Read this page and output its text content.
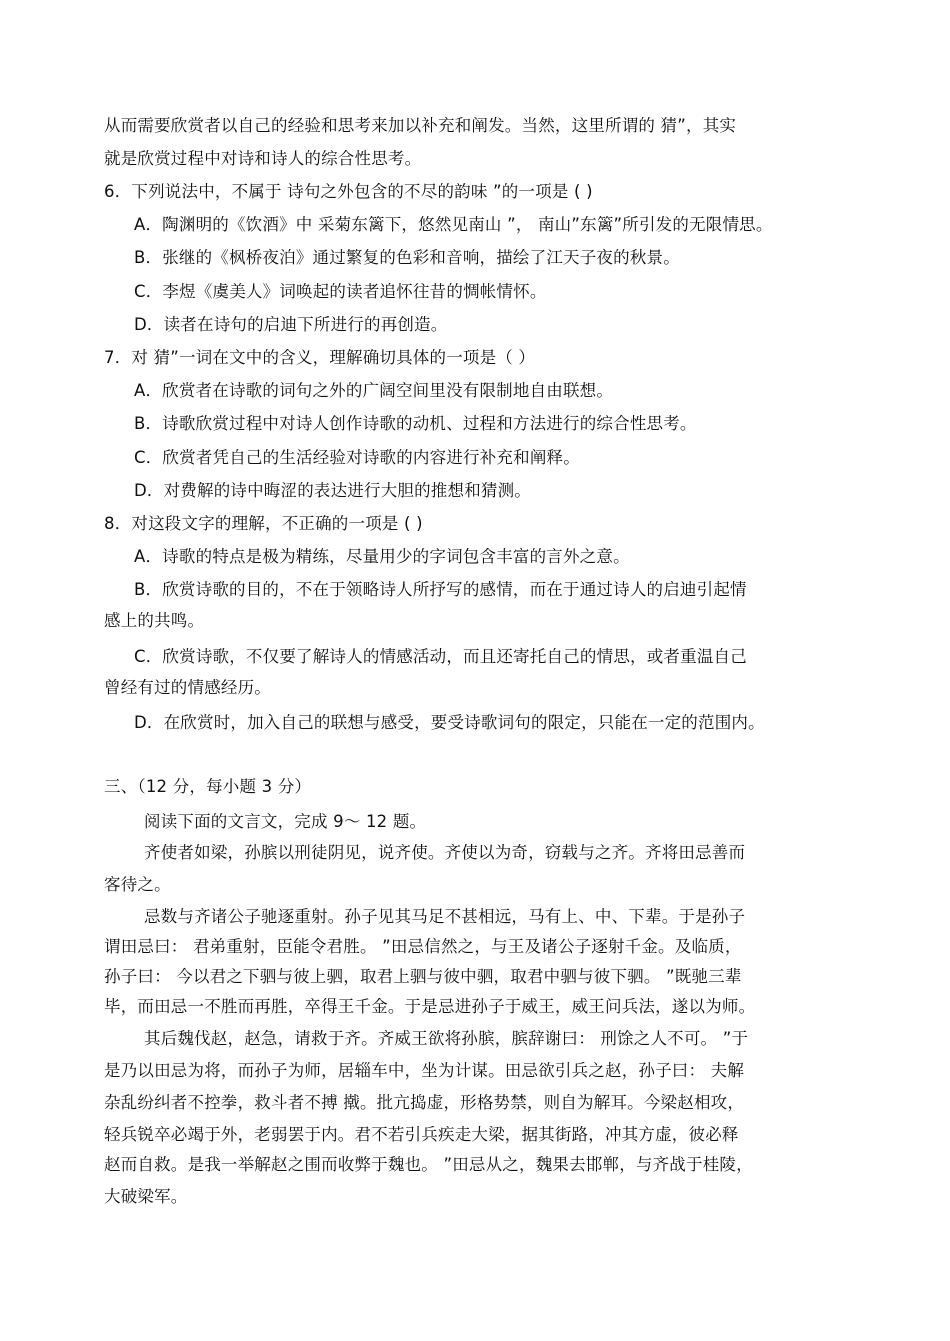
从而需要欣赏者以自己的经验和思考来加以补充和阐发。当然，这里所谓的 猜”，其实
就是欣赏过程中对诗和诗人的综合性思考。
6．下列说法中，不属于 诗句之外包含的不尽的韵味 ”的一项是 ( )
A．陶渊明的《饮酒》中 采菊东篱下，悠然见南山 ”， 南山”东篱”所引发的无限情思。
B．张继的《枫桥夜泊》通过繁复的色彩和音响，描绘了江天子夜的秋景。
C．李煜《虞美人》词唤起的读者追怀往昔的惆帐情怀。
D．读者在诗句的启迪下所进行的再创造。
7．对 猜”一词在文中的含义，理解确切具体的一项是（ ）
A．欣赏者在诗歌的词句之外的广阔空间里没有限制地自由联想。
B．诗歌欣赏过程中对诗人创作诗歌的动机、过程和方法进行的综合性思考。
C．欣赏者凭自己的生活经验对诗歌的内容进行补充和阐释。
D．对费解的诗中晦涩的表达进行大胆的推想和猜测。
8．对这段文字的理解，不正确的一项是 ( )
A．诗歌的特点是极为精练，尽量用少的字词包含丰富的言外之意。
B．欣赏诗歌的目的，不在于领略诗人所抒写的感情，而在于通过诗人的启迪引起情
感上的共鸣。
C．欣赏诗歌，不仅要了解诗人的情感活动，而且还寄托自己的情思，或者重温自己
曾经有过的情感经历。
D．在欣赏时，加入自己的联想与感受，要受诗歌词句的限定，只能在一定的范围内。
三、（12 分，每小题 3 分）
阅读下面的文言文，完成 9～ 12 题。
齐使者如梁，孙膑以刑徒阴见，说齐使。齐使以为奇，窃载与之齐。齐将田忌善而
客待之。
忌数与齐诸公子驰逐重射。孙子见其马足不甚相远，马有上、中、下辈。于是孙子
谓田忌曰： 君弟重射，臣能令君胜。 ”田忌信然之，与王及诸公子逐射千金。及临质，
孙子曰： 今以君之下驷与彼上驷，取君上驷与彼中驷，取君中驷与彼下驷。 ”既驰三辈
毕，而田忌一不胜而再胜，卒得王千金。于是忌进孙子于威王，威王问兵法，遂以为师。
其后魏伐赵，赵急，请救于齐。齐威王欲将孙膑，膑辞谢曰： 刑馀之人不可。 ”于
是乃以田忌为将，而孙子为师，居辎车中，坐为计谋。田忌欲引兵之赵，孙子曰： 夫解
杂乱纷纠者不控拳，救斗者不搏 撠。批亢捣虚，形格势禁，则自为解耳。今梁赵相攻，
轻兵锐卒必竭于外，老弱罢于内。君不若引兵疾走大梁，据其街路，冲其方虚，彼必释
赵而自救。是我一举解赵之围而收弊于魏也。 ”田忌从之，魏果去邯郸，与齐战于桂陵，
大破梁军。
